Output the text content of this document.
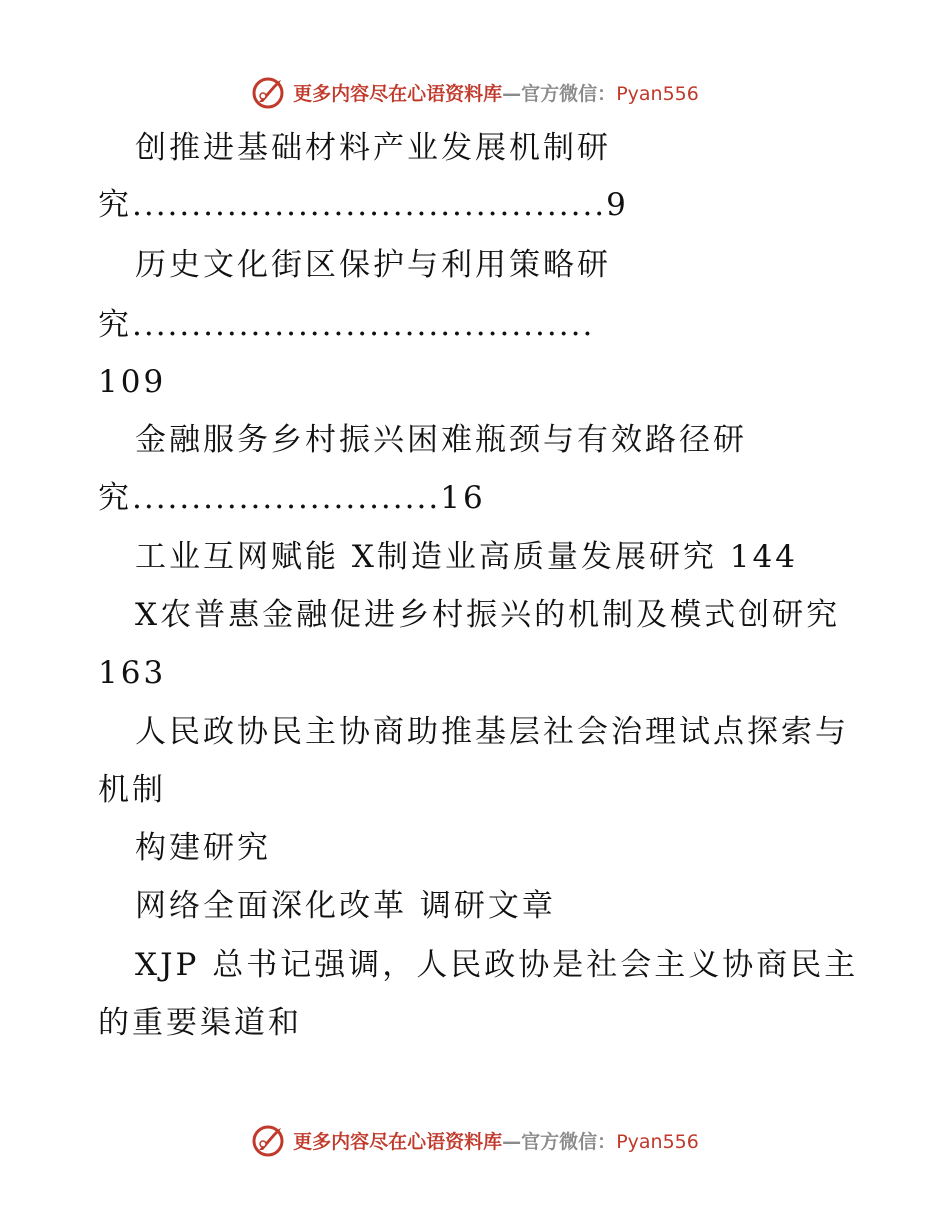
更多内容尽在心语资料库—官方微信：Pyan556
创推进基础材料产业发展机制研
究........................................9
历史文化街区保护与利用策略研
究.......................................
109
金融服务乡村振兴困难瓶颈与有效路径研
究..........................16
工业互网赋能 X制造业高质量发展研究 144
X农普惠金融促进乡村振兴的机制及模式创研究
163
人民政协民主协商助推基层社会治理试点探索与
机制
构建研究
网络全面深化改革 调研文章
XJP 总书记强调，人民政协是社会主义协商民主
的重要渠道和
更多内容尽在心语资料库—官方微信：Pyan556
